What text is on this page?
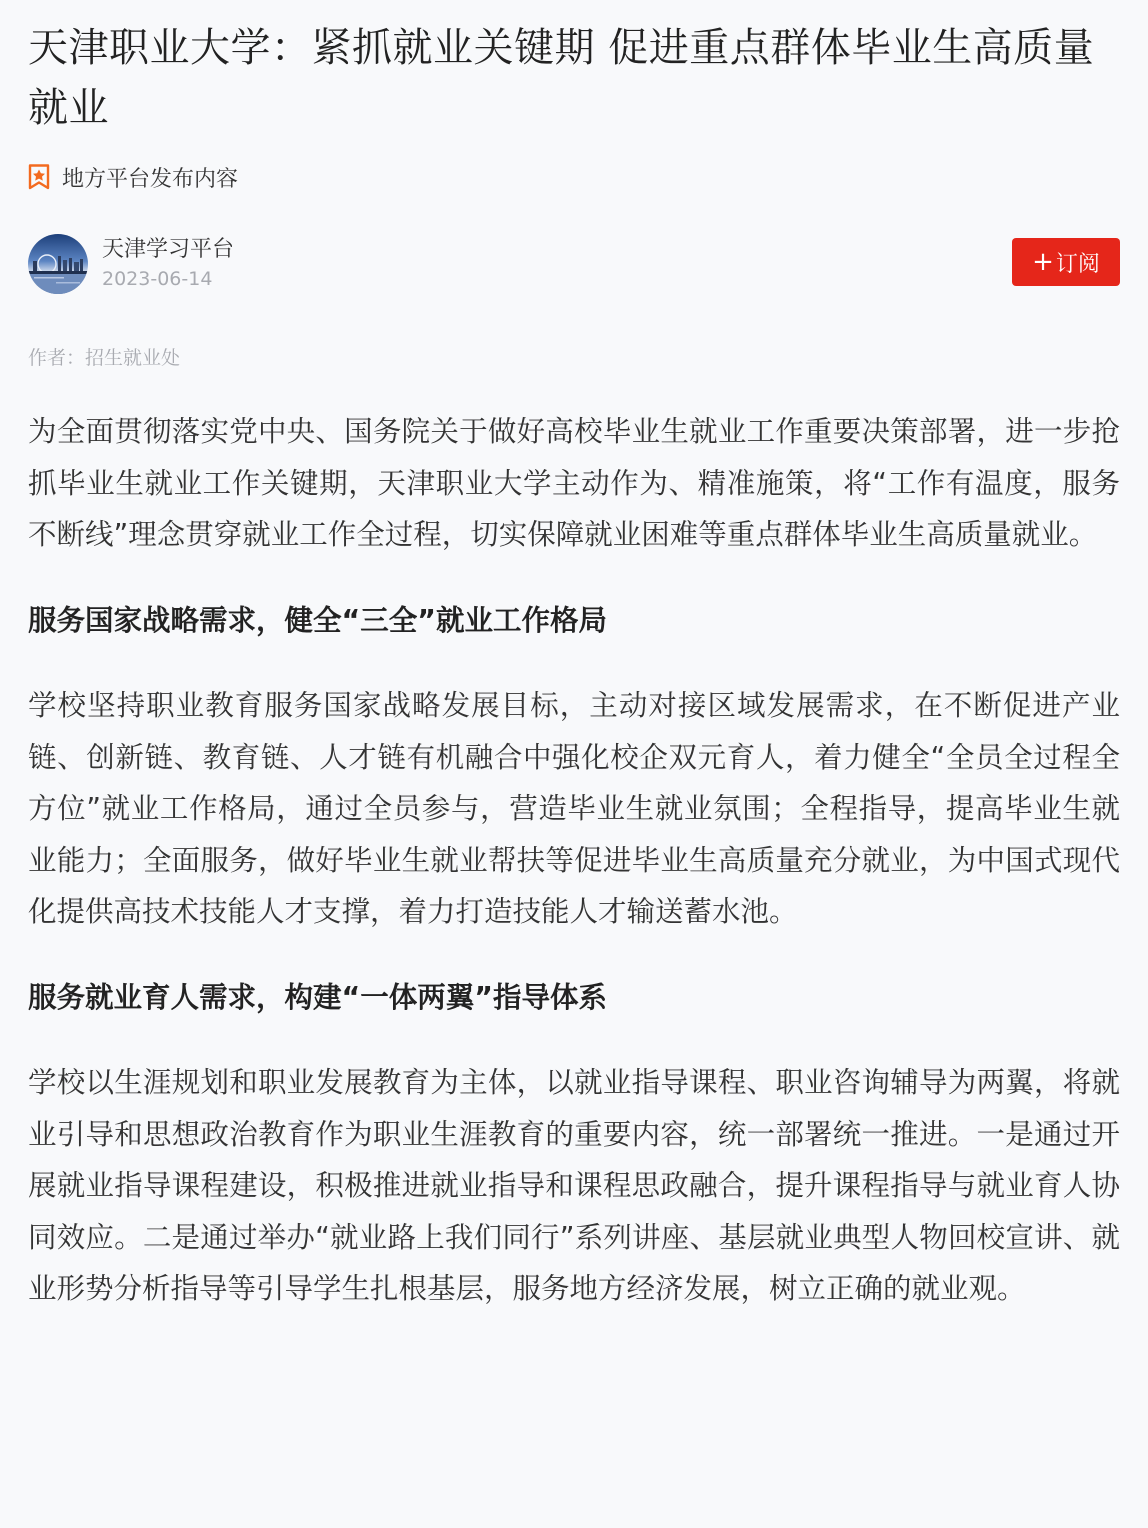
天津职业大学：紧抓就业关键期 促进重点群体毕业生高质量就业
地方平台发布内容
天津学习平台
2023-06-14
+ 订阅
作者：招生就业处

为全面贯彻落实党中央、国务院关于做好高校毕业生就业工作重要决策部署，进一步抢抓毕业生就业工作关键期，天津职业大学主动作为、精准施策，将“工作有温度，服务不断线”理念贯穿就业工作全过程，切实保障就业困难等重点群体毕业生高质量就业。

服务国家战略需求，健全“三全”就业工作格局

学校坚持职业教育服务国家战略发展目标，主动对接区域发展需求，在不断促进产业链、创新链、教育链、人才链有机融合中强化校企双元育人，着力健全“全员全过程全方位”就业工作格局，通过全员参与，营造毕业生就业氛围；全程指导，提高毕业生就业能力；全面服务，做好毕业生就业帮扶等促进毕业生高质量充分就业，为中国式现代化提供高技术技能人才支撑，着力打造技能人才输送蓄水池。

服务就业育人需求，构建“一体两翼”指导体系

学校以生涯规划和职业发展教育为主体，以就业指导课程、职业咨询辅导为两翼，将就业引导和思想政治教育作为职业生涯教育的重要内容，统一部署统一推进。一是通过开展就业指导课程建设，积极推进就业指导和课程思政融合，提升课程指导与就业育人协同效应。二是通过举办“就业路上我们同行”系列讲座、基层就业典型人物回校宣讲、就业形势分析指导等引导学生扎根基层，服务地方经济发展，树立正确的就业观。
